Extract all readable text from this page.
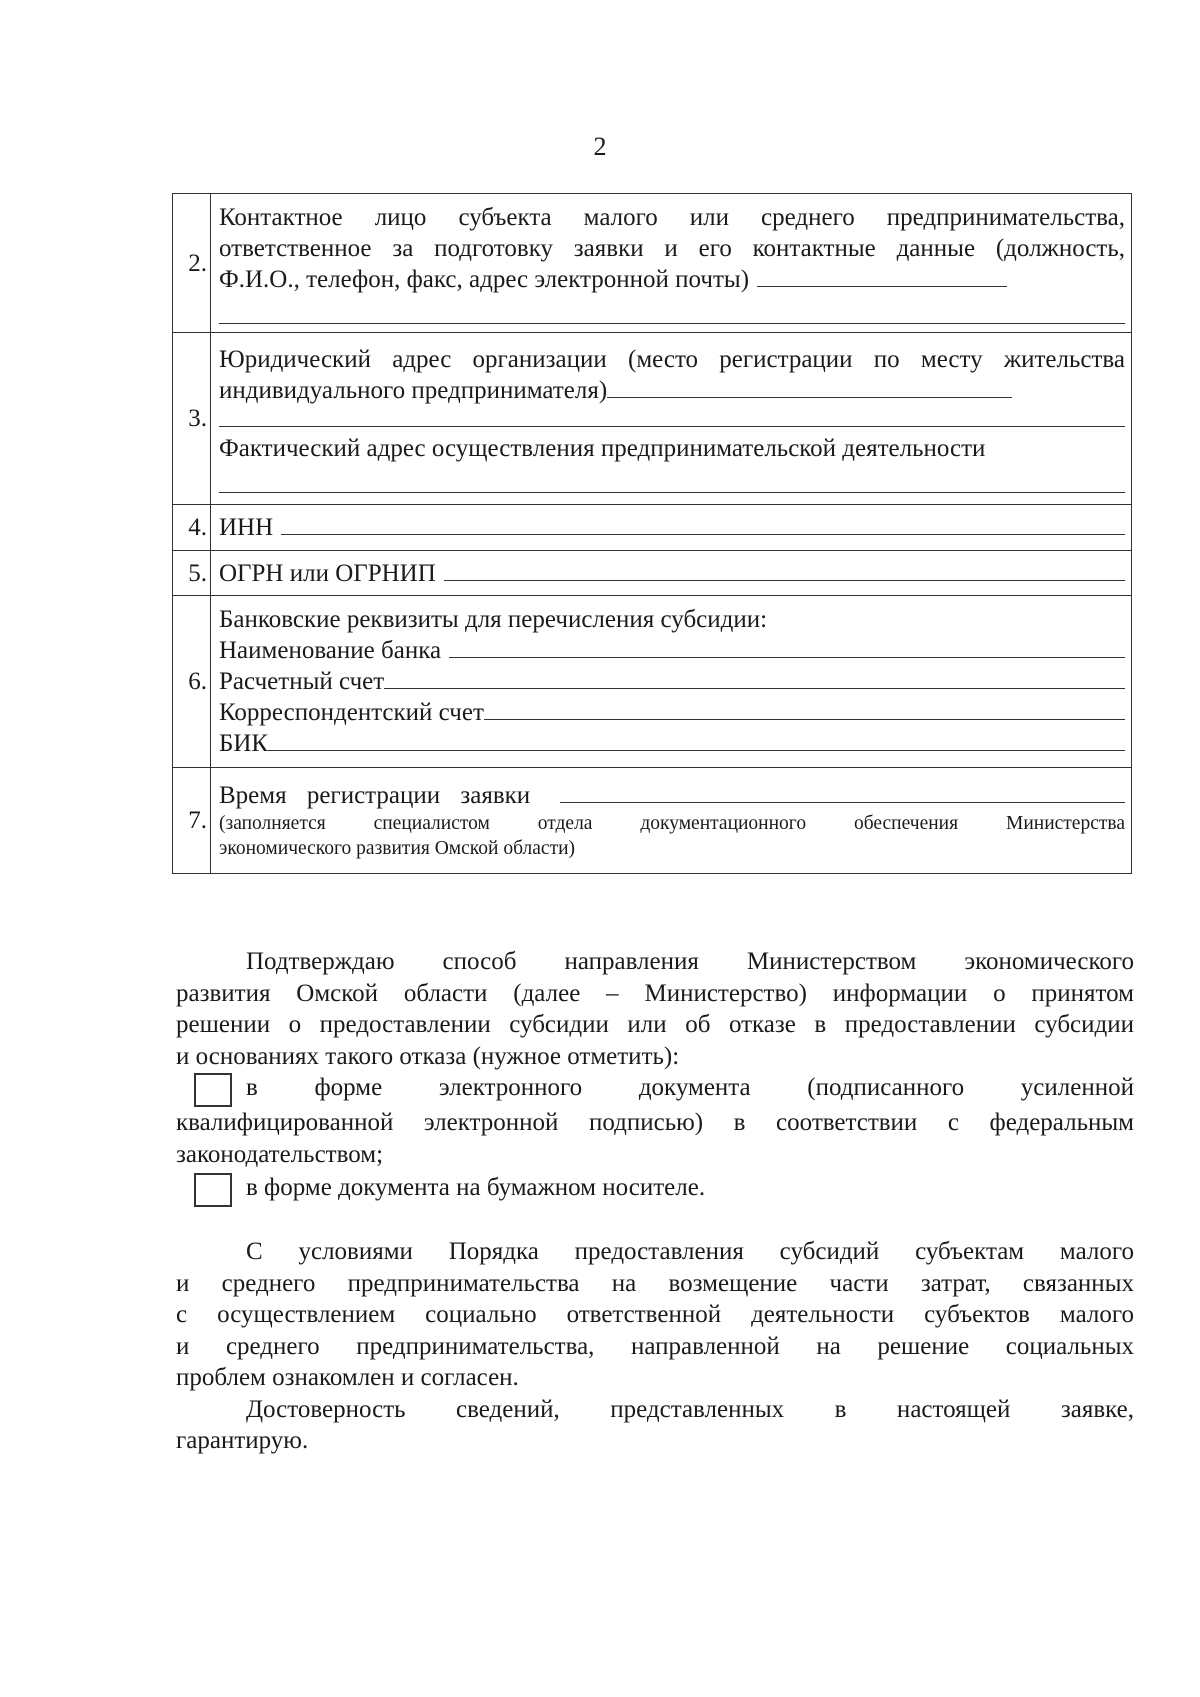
2
2.	Контактное лицо субъекта малого или среднего предпринимательства,
ответственное за подготовку заявки и его контактные данные (должность,
Ф.И.О., телефон, факс, адрес электронной почты)

3.	Юридический адрес организации (место регистрации по месту жительства
индивидуального предпринимателя)
Фактический адрес осуществления предпринимательской деятельности

4.	ИНН

5.	ОГРН или ОГРНИП

6.	Банковские реквизиты для перечисления субсидии:
Наименование банка
Расчетный счет
Корреспондентский счет
БИК

7.	Время регистрации заявки
(заполняется специалистом отдела документационного обеспечения Министерства
экономического развития Омской области)

Подтверждаю способ направления Министерством экономического

развития Омской области (далее – Министерство) информации о принятом

решении о предоставлении субсидии или об отказе в предоставлении субсидии

и основаниях такого отказа (нужное отметить):

в форме электронного документа (подписанного усиленной

квалифицированной электронной подписью) в соответствии с федеральным

законодательством;

в форме документа на бумажном носителе.

С условиями Порядка предоставления субсидий субъектам малого

и среднего предпринимательства на возмещение части затрат, связанных

с осуществлением социально ответственной деятельности субъектов малого

и среднего предпринимательства, направленной на решение социальных

проблем ознакомлен и согласен.

Достоверность сведений, представленных в настоящей заявке,

гарантирую.
